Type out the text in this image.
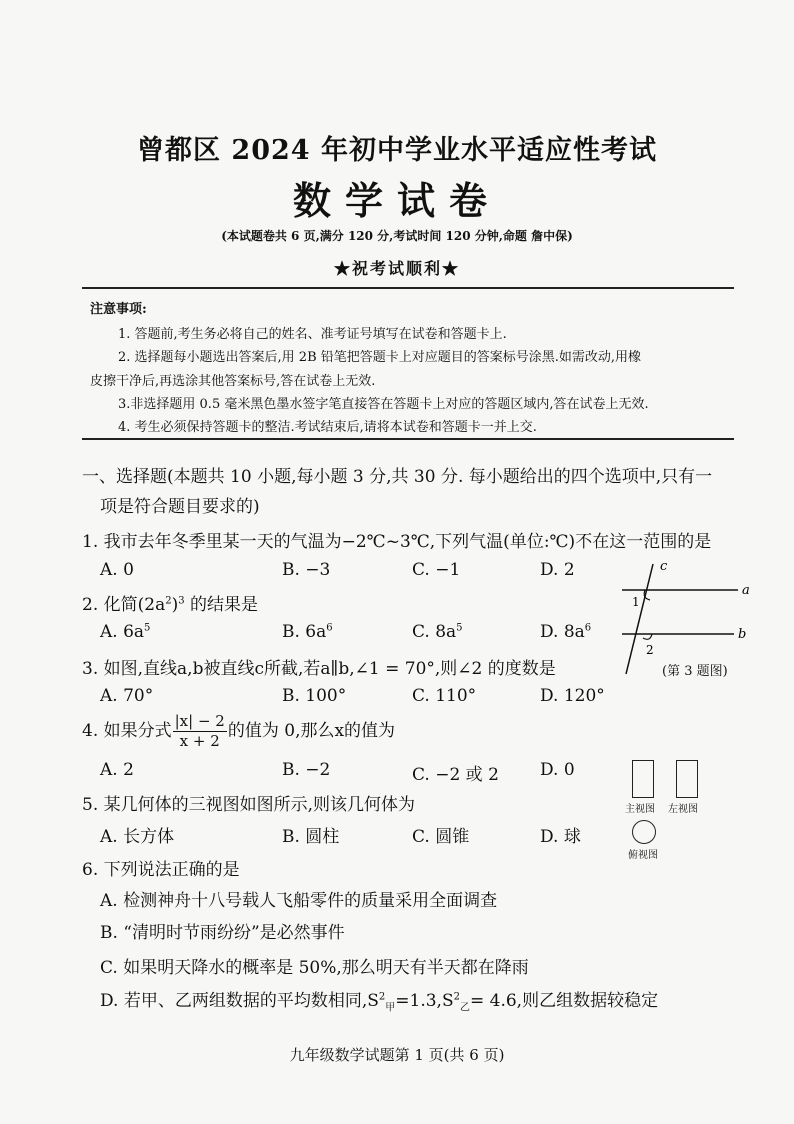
曾都区 2024 年初中学业水平适应性考试
数学试卷
(本试题卷共 6 页,满分 120 分,考试时间 120 分钟,命题 詹中保)
★祝考试顺利★
注意事项:
1. 答题前,考生务必将自己的姓名、准考证号填写在试卷和答题卡上.
2. 选择题每小题选出答案后,用 2B 铅笔把答题卡上对应题目的答案标号涂黑.如需改动,用橡
皮擦干净后,再选涂其他答案标号,答在试卷上无效.
3.非选择题用 0.5 毫米黑色墨水签字笔直接答在答题卡上对应的答题区域内,答在试卷上无效.
4. 考生必须保持答题卡的整洁.考试结束后,请将本试卷和答题卡一并上交.
一、选择题(本题共 10 小题,每小题 3 分,共 30 分. 每小题给出的四个选项中,只有一
项是符合题目要求的)
1. 我市去年冬季里某一天的气温为−2℃~3℃,下列气温(单位:℃)不在这一范围的是
A. 0	B. −3	C. −1	D. 2
2. 化简$(2a^2)^3$ 的结果是
A. $6a^5$	B. $6a^6$	C. $8a^5$	D. $8a^6$
c
a
b
1
2
(第 3 题图)
3. 如图,直线a,b被直线c所截,若a∥b,∠1 = 70°,则∠2 的度数是
A. 70°	B. 100°	C. 110°	D. 120°
4. 如果分式 $\frac{|x| - 2}{x + 2}$ 的值为 0,那么x的值为
A. 2	B. −2	C. −2 或 2 D. 0
主视图 左视图
俯视图
5. 某几何体的三视图如图所示,则该几何体为
A. 长方体	B. 圆柱	C. 圆锥	D. 球
6. 下列说法正确的是
A. 检测神舟十八号载人飞船零件的质量采用全面调查
B. “清明时节雨纷纷”是必然事件
C. 如果明天降水的概率是 50%,那么明天有半天都在降雨
D. 若甲、乙两组数据的平均数相同$,S^2_甲=1.3,S^2_乙= 4.6$,则乙组数据较稳定
九年级数学试题第 1 页(共 6 页)
